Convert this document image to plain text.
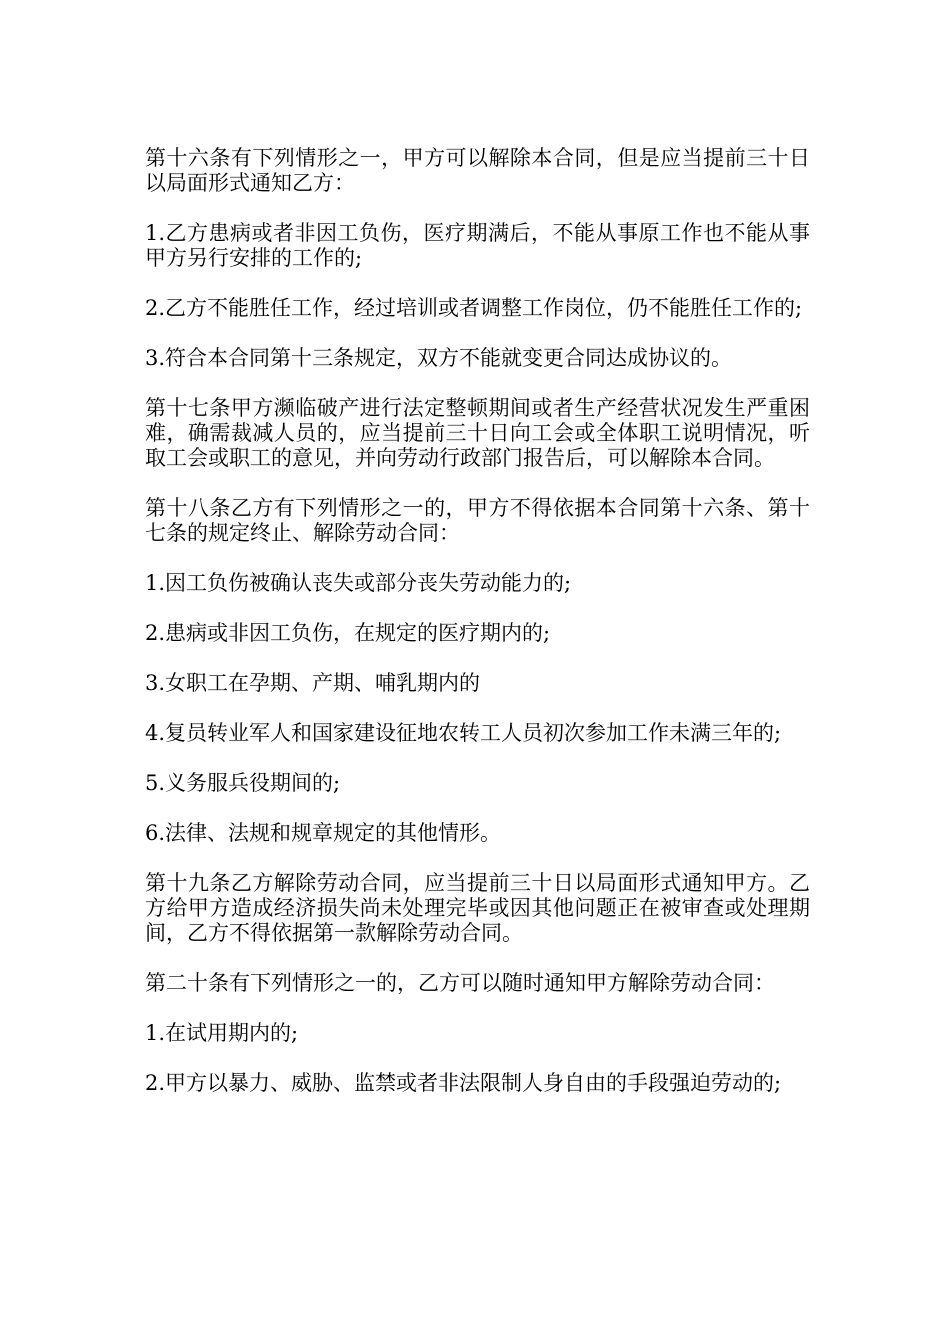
第十六条有下列情形之一，甲方可以解除本合同，但是应当提前三十日以局面形式通知乙方：

1.乙方患病或者非因工负伤，医疗期满后，不能从事原工作也不能从事甲方另行安排的工作的;

2.乙方不能胜任工作，经过培训或者调整工作岗位，仍不能胜任工作的;

3.符合本合同第十三条规定，双方不能就变更合同达成协议的。

第十七条甲方濒临破产进行法定整顿期间或者生产经营状况发生严重困难，确需裁减人员的，应当提前三十日向工会或全体职工说明情况，听取工会或职工的意见，并向劳动行政部门报告后，可以解除本合同。

第十八条乙方有下列情形之一的，甲方不得依据本合同第十六条、第十七条的规定终止、解除劳动合同：

1.因工负伤被确认丧失或部分丧失劳动能力的;

2.患病或非因工负伤，在规定的医疗期内的;

3.女职工在孕期、产期、哺乳期内的

4.复员转业军人和国家建设征地农转工人员初次参加工作未满三年的;

5.义务服兵役期间的;

6.法律、法规和规章规定的其他情形。

第十九条乙方解除劳动合同，应当提前三十日以局面形式通知甲方。乙方给甲方造成经济损失尚未处理完毕或因其他问题正在被审查或处理期间，乙方不得依据第一款解除劳动合同。

第二十条有下列情形之一的，乙方可以随时通知甲方解除劳动合同：

1.在试用期内的;

2.甲方以暴力、威胁、监禁或者非法限制人身自由的手段强迫劳动的;
